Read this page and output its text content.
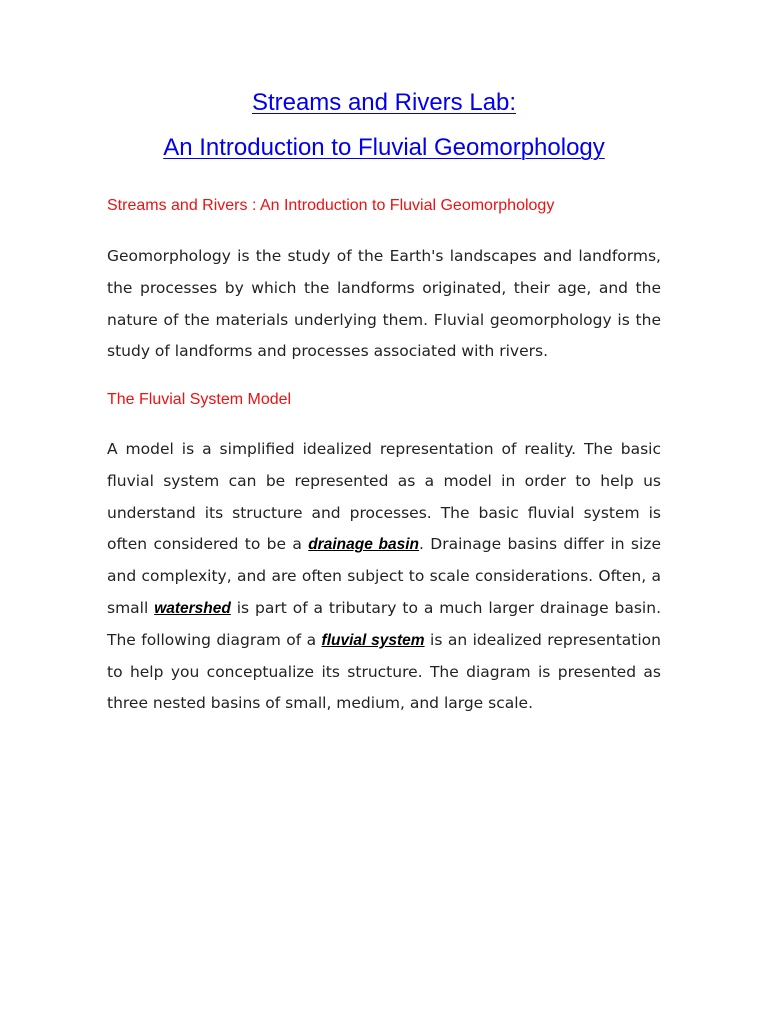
Streams and Rivers Lab:
An Introduction to Fluvial Geomorphology

Streams and Rivers : An Introduction to Fluvial Geomorphology

Geomorphology is the study of the Earth's landscapes and landforms, the processes by which the landforms originated, their age, and the nature of the materials underlying them. Fluvial geomorphology is the study of landforms and processes associated with rivers.

The Fluvial System Model

A model is a simplified idealized representation of reality. The basic fluvial system can be represented as a model in order to help us understand its structure and processes. The basic fluvial system is often considered to be a drainage basin. Drainage basins differ in size and complexity, and are often subject to scale considerations. Often, a small watershed is part of a tributary to a much larger drainage basin. The following diagram of a fluvial system is an idealized representation to help you conceptualize its structure. The diagram is presented as three nested basins of small, medium, and large scale.
